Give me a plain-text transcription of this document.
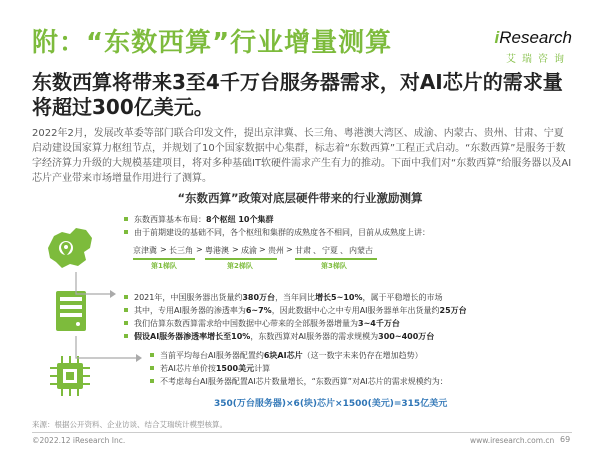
附：“东数西算”行业增量测算	iResearch
艾瑞咨询
东数西算将带来3至4千万台服务器需求，对AI芯片的需求量将超过300亿美元。
2022年2月，发展改革委等部门联合印发文件，提出京津冀、长三角、粤港澳大湾区、成渝、内蒙古、贵州、甘肃、宁夏启动建设国家算力枢纽节点，并规划了10个国家数据中心集群，标志着“东数西算”工程正式启动。“东数西算”是服务于数字经济算力升级的大规模基建项目，将对多种基础IT软硬件需求产生有力的推动。下面中我们对“东数西算”给服务器以及AI芯片产业带来市场增量作用进行了测算。
“东数西算”政策对底层硬件带来的行业激励测算
东数西算基本布局：8个枢纽 10个集群
由于前期建设的基础不同，各个枢纽和集群的成熟度各不相同，目前从成熟度上讲：
京津冀 > 长三角 > 粤港澳 > 成渝 > 贵州 > 甘肃 、 宁夏 、 内蒙古
第1梯队	第2梯队	第3梯队
2021年，中国服务器出货量约380万台，当年同比增长5~10%，属于平稳增长的市场
其中，专用AI服务器的渗透率为6~7%，因此数据中心之中专用AI服务器单年出货量约25万台
我们估算东数西算需求给中国数据中心带来的全部服务器增量为3~4千万台
假设AI服务器渗透率增长至10%，东数西算对AI服务器的需求规模为300~400万台
当前平均每台AI服务器配置约6块AI芯片（这一数字未来仍存在增加趋势）
若AI芯片单价按1500美元计算
不考虑每台AI服务器配置AI芯片数量增长，“东数西算”对AI芯片的需求规模约为：
350(万台服务器)×6(块)芯片×1500(美元)=315亿美元
来源：根据公开资料、企业访谈、结合艾瑞统计模型核算。
©2022.12 iResearch Inc.	www.iresearch.com.cn 69
